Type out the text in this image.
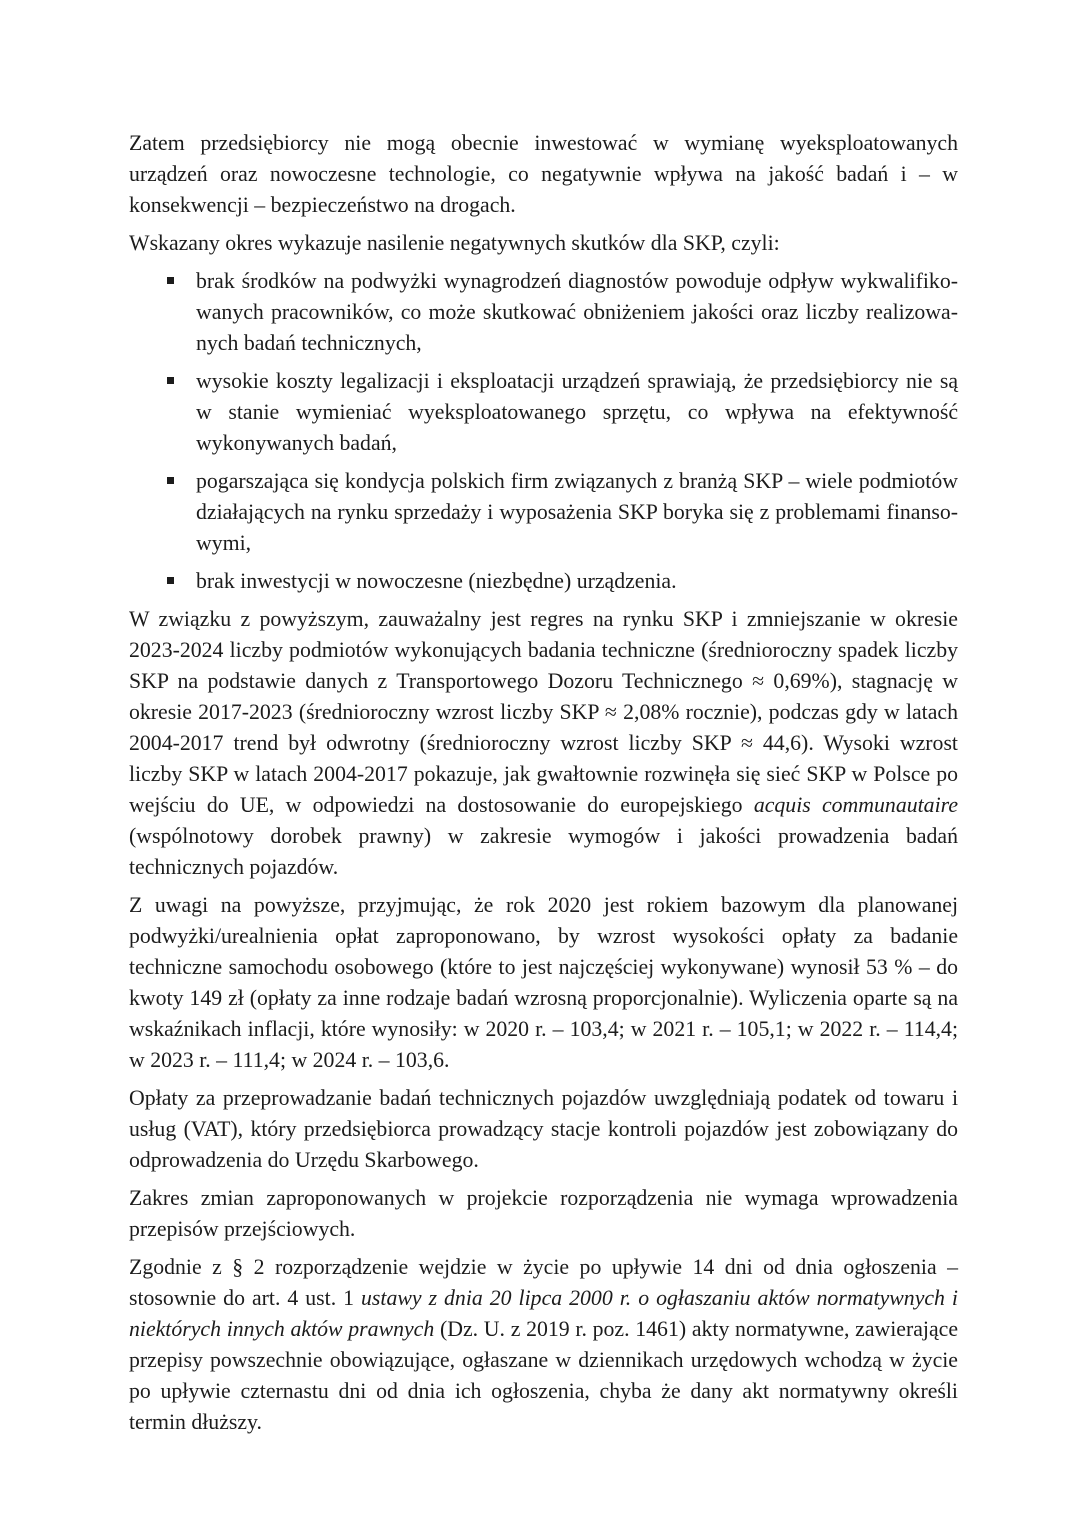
Zatem przedsiębiorcy nie mogą obecnie inwestować w wymianę wyeksploatowanych urządzeń oraz nowoczesne technologie, co negatywnie wpływa na jakość badań i – w konsekwencji – bezpieczeństwo na drogach.

Wskazany okres wykazuje nasilenie negatywnych skutków dla SKP, czyli:

brak środków na podwyżki wynagrodzeń diagnostów powoduje odpływ wykwalifikowanych pracowników, co może skutkować obniżeniem jakości oraz liczby realizowanych badań technicznych,
wysokie koszty legalizacji i eksploatacji urządzeń sprawiają, że przedsiębiorcy nie są w stanie wymieniać wyeksploatowanego sprzętu, co wpływa na efektywność wykonywanych badań,
pogarszająca się kondycja polskich firm związanych z branżą SKP – wiele podmiotów działających na rynku sprzedaży i wyposażenia SKP boryka się z problemami finansowymi,
brak inwestycji w nowoczesne (niezbędne) urządzenia.

W związku z powyższym, zauważalny jest regres na rynku SKP i zmniejszanie w okresie 2023-2024 liczby podmiotów wykonujących badania techniczne (średnioroczny spadek liczby SKP na podstawie danych z Transportowego Dozoru Technicznego ≈ 0,69%), stagnację w okresie 2017-2023 (średnioroczny wzrost liczby SKP ≈ 2,08% rocznie), podczas gdy w latach 2004-2017 trend był odwrotny (średnioroczny wzrost liczby SKP ≈ 44,6). Wysoki wzrost liczby SKP w latach 2004-2017 pokazuje, jak gwałtownie rozwinęła się sieć SKP w Polsce po wejściu do UE, w odpowiedzi na dostosowanie do europejskiego acquis communautaire (wspólnotowy dorobek prawny) w zakresie wymogów i jakości prowadzenia badań technicznych pojazdów.

Z uwagi na powyższe, przyjmując, że rok 2020 jest rokiem bazowym dla planowanej podwyżki/urealnienia opłat zaproponowano, by wzrost wysokości opłaty za badanie techniczne samochodu osobowego (które to jest najczęściej wykonywane) wynosił 53 % – do kwoty 149 zł (opłaty za inne rodzaje badań wzrosną proporcjonalnie). Wyliczenia oparte są na wskaźnikach inflacji, które wynosiły: w 2020 r. – 103,4; w 2021 r. – 105,1; w 2022 r. – 114,4; w 2023 r. – 111,4; w 2024 r. – 103,6.

Opłaty za przeprowadzanie badań technicznych pojazdów uwzględniają podatek od towaru i usług (VAT), który przedsiębiorca prowadzący stacje kontroli pojazdów jest zobowiązany do odprowadzenia do Urzędu Skarbowego.

Zakres zmian zaproponowanych w projekcie rozporządzenia nie wymaga wprowadzenia przepisów przejściowych.

Zgodnie z § 2 rozporządzenie wejdzie w życie po upływie 14 dni od dnia ogłoszenia – stosownie do art. 4 ust. 1 ustawy z dnia 20 lipca 2000 r. o ogłaszaniu aktów normatywnych i niektórych innych aktów prawnych (Dz. U. z 2019 r. poz. 1461) akty normatywne, zawierające przepisy powszechnie obowiązujące, ogłaszane w dziennikach urzędowych wchodzą w życie po upływie czternastu dni od dnia ich ogłoszenia, chyba że dany akt normatywny określi termin dłuższy.
